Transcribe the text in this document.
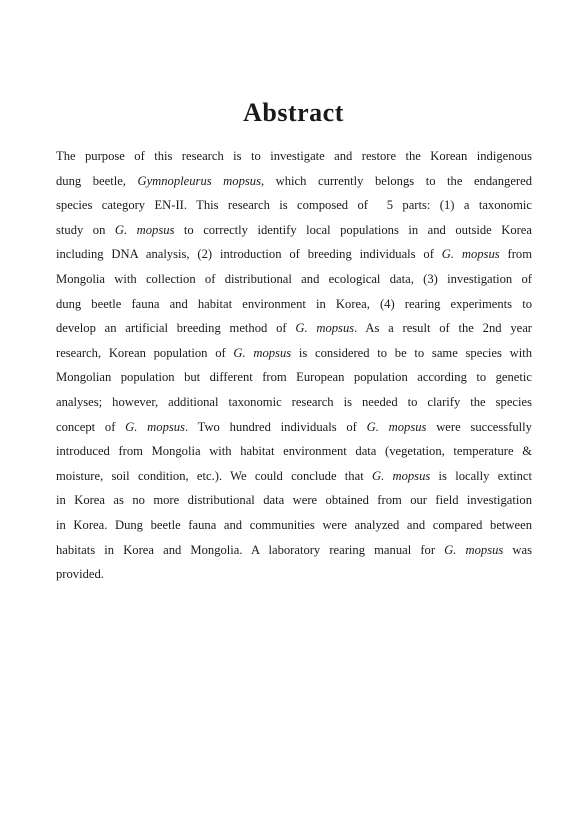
Abstract
The purpose of this research is to investigate and restore the Korean indigenous
dung beetle, Gymnopleurus mopsus, which currently belongs to the endangered
species category EN-II. This research is composed of  5 parts: (1) a taxonomic
study on G. mopsus to correctly identify local populations in and outside Korea
including DNA analysis, (2) introduction of breeding individuals of G. mopsus from
Mongolia with collection of distributional and ecological data, (3) investigation of
dung beetle fauna and habitat environment in Korea, (4) rearing experiments to
develop an artificial breeding method of G. mopsus. As a result of the 2nd year
research, Korean population of G. mopsus is considered to be to same species with
Mongolian population but different from European population according to genetic
analyses; however, additional taxonomic research is needed to clarify the species
concept of G. mopsus. Two hundred individuals of G. mopsus were successfully
introduced from Mongolia with habitat environment data (vegetation, temperature &
moisture, soil condition, etc.). We could conclude that G. mopsus is locally extinct
in Korea as no more distributional data were obtained from our field investigation
in Korea. Dung beetle fauna and communities were analyzed and compared between
habitats in Korea and Mongolia. A laboratory rearing manual for G. mopsus was
provided.
